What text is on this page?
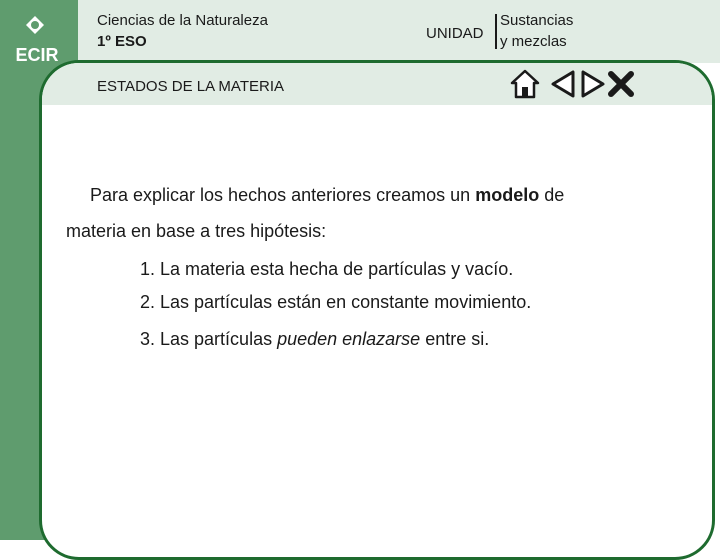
ECIR

Ciencias de la Naturaleza

1º ESO	UNIDAD
Sustancias
y mezclas
ESTADOS DE LA MATERIA
Para explicar los hechos anteriores creamos un modelo de
materia en base a tres hipótesis:
1. La materia esta hecha de partículas y vacío.
2. Las partículas están en constante movimiento.
3. Las partículas pueden enlazarse entre si.
